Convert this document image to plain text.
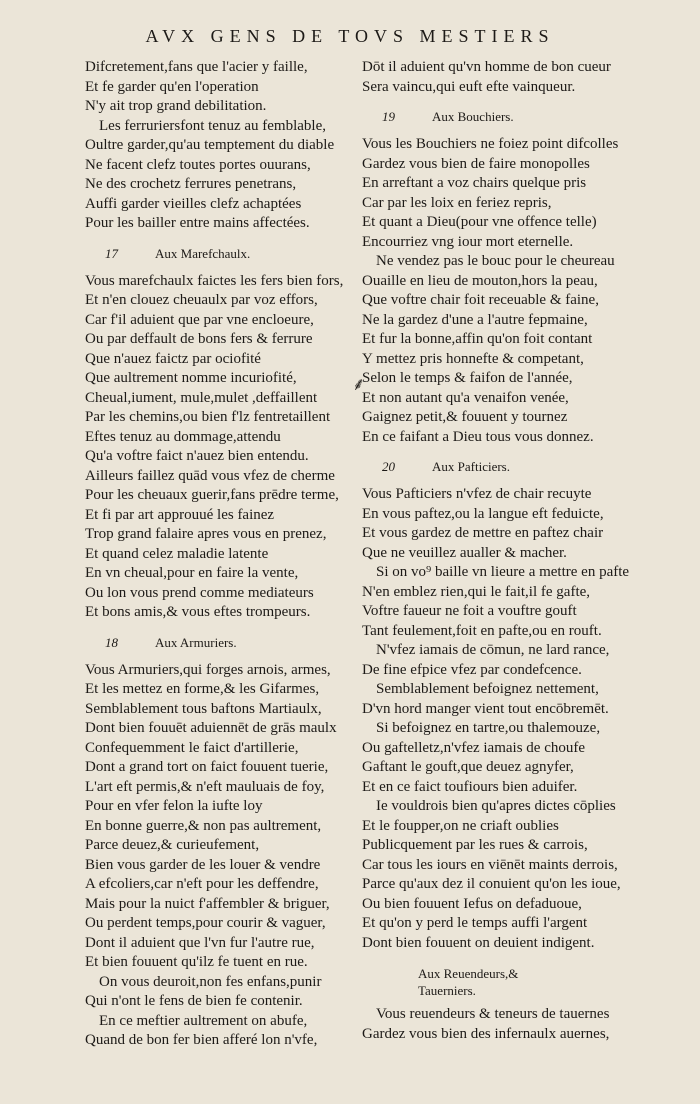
AVX GENS DE TOVS MESTIERS
Difcretement,fans que l'acier y faille,
Et fe garder qu'en l'operation
N'y ait trop grand debilitation.
Les ferruriersfont tenuz au femblable,
Oultre garder,qu'au temptement du diable
Ne facent clefz toutes portes ouurans,
Ne des crochetz ferrures penetrans,
Auffi garder vieilles clefz achaptées
Pour les bailler entre mains affectées.
17	Aux Marefchaulx.
Vous marefchaulx faictes les fers bien fors,
Et n'en clouez cheuaulx par voz effors,
Car f'il aduient que par vne encloeure,
Ou par deffault de bons fers & ferrure
Que n'auez faictz par ociofité
Que aultrement nomme incuriofité,
Cheual,iument, mule,mulet ,deffaillent
Par les chemins,ou bien f'lz fentretaillent
Eftes tenuz au dommage,attendu
Qu'a voftre faict n'auez bien entendu.
Ailleurs faillez quād vous vfez de cherme
Pour les cheuaux guerir,fans prēdre terme,
Et fi par art approuué les fainez
Trop grand falaire apres vous en prenez,
Et quand celez maladie latente
En vn cheual,pour en faire la vente,
Ou lon vous prend comme mediateurs
Et bons amis,& vous eftes trompeurs.
18	Aux Armuriers.
Vous Armuriers,qui forges arnois, armes,
Et les mettez en forme,& les Gifarmes,
Semblablement tous baftons Martiaulx,
Dont bien fouuēt aduiennēt de grās maulx
Confequemment le faict d'artillerie,
Dont a grand tort on faict fouuent tuerie,
L'art eft permis,& n'eft mauluais de foy,
Pour en vfer felon la iufte loy
En bonne guerre,& non pas aultrement,
Parce deuez,& curieufement,
Bien vous garder de les louer & vendre
A efcoliers,car n'eft pour les deffendre,
Mais pour la nuict f'affembler & briguer,
Ou perdent temps,pour courir & vaguer,
Dont il aduient que l'vn fur l'autre rue,
Et bien fouuent qu'ilz fe tuent en rue.
On vous deuroit,non fes enfans,punir
Qui n'ont le fens de bien fe contenir.
En ce meftier aultrement on abufe,
Quand de bon fer bien afferé lon n'vfe,
⸙
Dōt il aduient qu'vn homme de bon cueur
Sera vaincu,qui euft efte vainqueur.
19	Aux Bouchiers.
Vous les Bouchiers ne foiez point difcolles
Gardez vous bien de faire monopolles
En arreftant a voz chairs quelque pris
Car par les loix en feriez repris,
Et quant a Dieu(pour vne offence telle)
Encourriez vng iour mort eternelle.
Ne vendez pas le bouc pour le cheureau
Ouaille en lieu de mouton,hors la peau,
Que voftre chair foit receuable & faine,
Ne la gardez d'une a l'autre fepmaine,
Et fur la bonne,affin qu'on foit contant
Y mettez pris honnefte & competant,
Selon le temps & faifon de l'année,
Et non autant qu'a venaifon venée,
Gaignez petit,& fouuent y tournez
En ce faifant a Dieu tous vous donnez.
20	Aux Pafticiers.
Vous Pafticiers n'vfez de chair recuyte
En vous paftez,ou la langue eft feduicte,
Et vous gardez de mettre en paftez chair
Que ne veuillez aualler & macher.
Si on vo⁹ baille vn lieure a mettre en pafte
N'en emblez rien,qui le fait,il fe gafte,
Voftre faueur ne foit a vouftre gouft
Tant feulement,foit en pafte,ou en rouft.
N'vfez iamais de cōmun, ne lard rance,
De fine efpice vfez par condefcence.
Semblablement befoignez nettement,
D'vn hord manger vient tout encōbremēt.
Si befoignez en tartre,ou thalemouze,
Ou gaftelletz,n'vfez iamais de choufe
Gaftant le gouft,que deuez agnyfer,
Et en ce faict toufiours bien aduifer.
Ie vouldrois bien qu'apres dictes cōplies
Et le foupper,on ne criaft oublies
Publicquement par les rues & carrois,
Car tous les iours en viēnēt maints derrois,
Parce qu'aux dez il conuient qu'on les ioue,
Ou bien fouuent Iefus on defaduoue,
Et qu'on y perd le temps auffi l'argent
Dont bien fouuent on deuient indigent.
Aux Reuendeurs,&
Tauerniers.
Vous reuendeurs & teneurs de tauernes
Gardez vous bien des infernaulx auernes,
